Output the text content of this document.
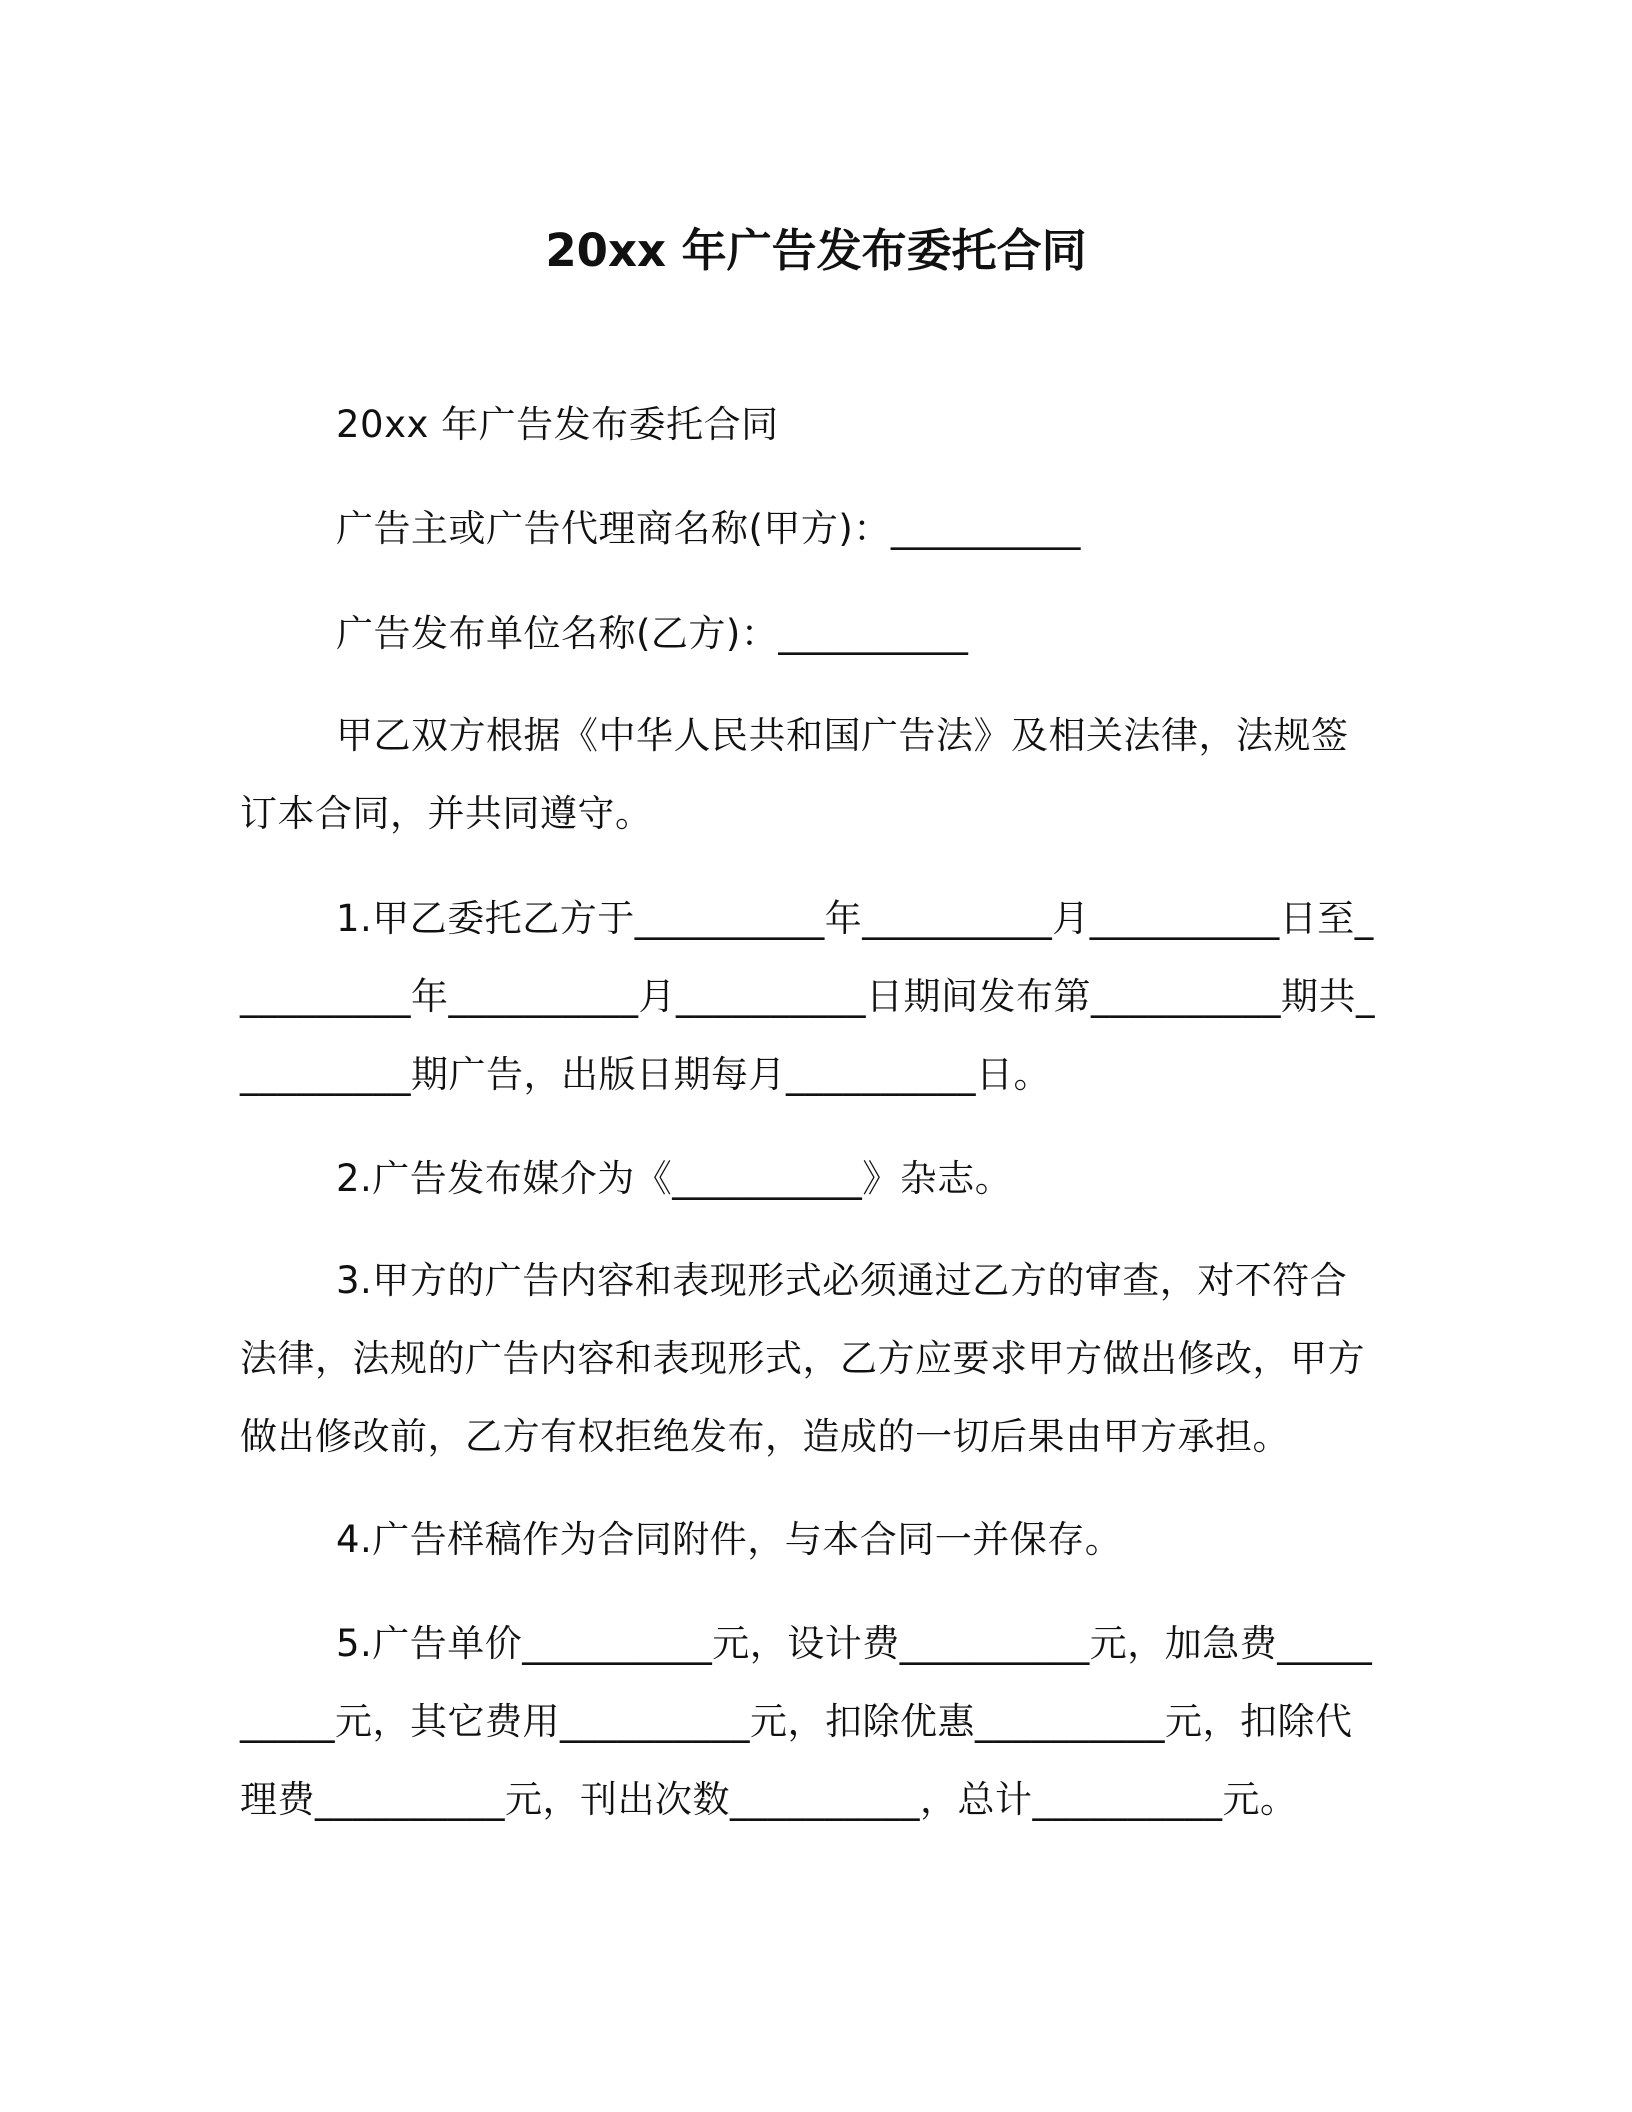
20xx 年广告发布委托合同
20xx 年广告发布委托合同
广告主或广告代理商名称(甲方)：__________
广告发布单位名称(乙方)：__________
甲乙双方根据《中华人民共和国广告法》及相关法律，法规签订本合同，并共同遵守。
1.甲乙委托乙方于__________年__________月__________日至__________年__________月__________日期间发布第__________期共__________期广告，出版日期每月__________日。
2.广告发布媒介为《__________》杂志。
3.甲方的广告内容和表现形式必须通过乙方的审查，对不符合法律，法规的广告内容和表现形式，乙方应要求甲方做出修改，甲方做出修改前，乙方有权拒绝发布，造成的一切后果由甲方承担。
4.广告样稿作为合同附件，与本合同一并保存。
5.广告单价__________元，设计费__________元，加急费__________元，其它费用__________元，扣除优惠__________元，扣除代理费__________元，刊出次数__________，总计__________元。
